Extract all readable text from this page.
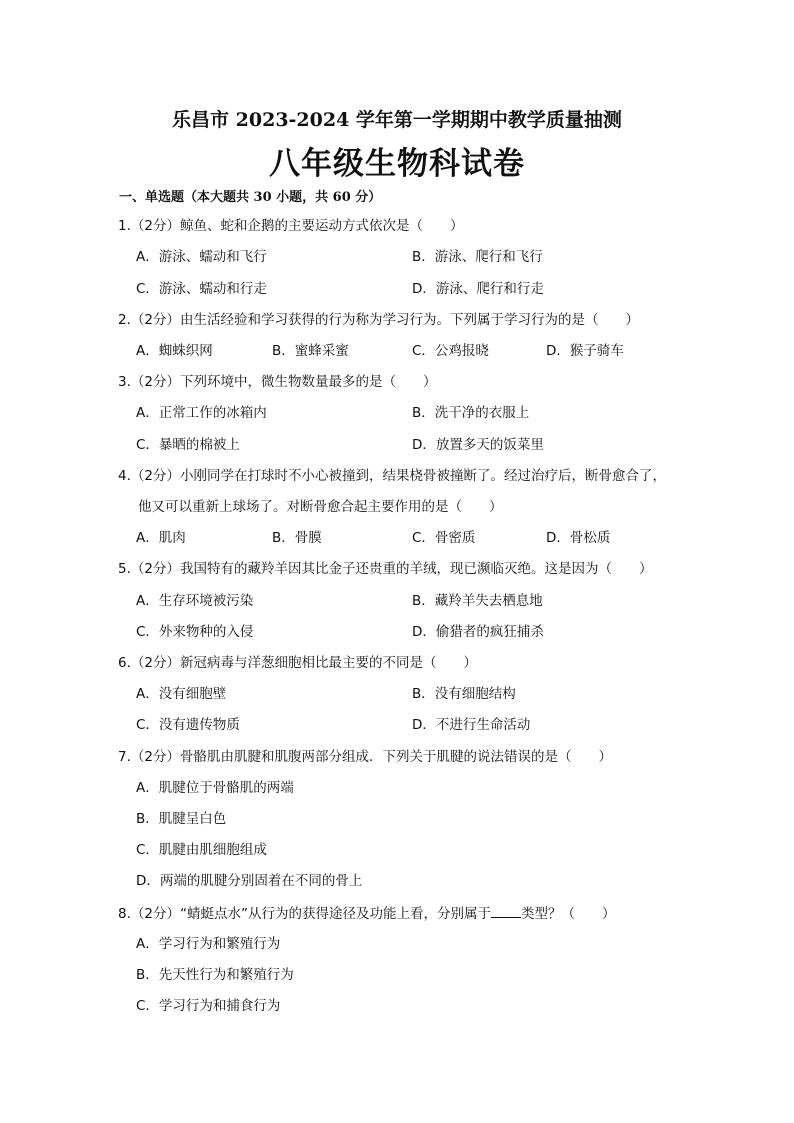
乐昌市 2023-2024 学年第一学期期中教学质量抽测
八年级生物科试卷
一、单选题（本大题共 30 小题，共 60 分）
1.（2分）鲸鱼、蛇和企鹅的主要运动方式依次是（　　）
A．游泳、蠕动和飞行	B．游泳、爬行和飞行
C．游泳、蠕动和行走	D．游泳、爬行和行走
2.（2分）由生活经验和学习获得的行为称为学习行为。下列属于学习行为的是（　　）
A．蜘蛛织网	B．蜜蜂采蜜	C．公鸡报晓	D．猴子骑车
3.（2分）下列环境中，微生物数量最多的是（　　）
A．正常工作的冰箱内	B．洗干净的衣服上
C．暴晒的棉被上	D．放置多天的饭菜里
4.（2分）小刚同学在打球时不小心被撞到，结果桡骨被撞断了。经过治疗后，断骨愈合了，
他又可以重新上球场了。对断骨愈合起主要作用的是（　　）
A．肌肉	B．骨膜	C．骨密质	D．骨松质
5.（2分）我国特有的藏羚羊因其比金子还贵重的羊绒，现已濒临灭绝。这是因为（　　）
A．生存环境被污染	B．藏羚羊失去栖息地
C．外来物种的入侵	D．偷猎者的疯狂捕杀
6.（2分）新冠病毒与洋葱细胞相比最主要的不同是（　　）
A．没有细胞壁	B．没有细胞结构
C．没有遗传物质	D．不进行生命活动
7.（2分）骨骼肌由肌腱和肌腹两部分组成．下列关于肌腱的说法错误的是（　　）
A．肌腱位于骨骼肌的两端
B．肌腱呈白色
C．肌腱由肌细胞组成
D．两端的肌腱分别固着在不同的骨上
8.（2分）“蜻蜓点水”从行为的获得途径及功能上看，分别属于 类型？（　　）
A．学习行为和繁殖行为
B．先天性行为和繁殖行为
C．学习行为和捕食行为
